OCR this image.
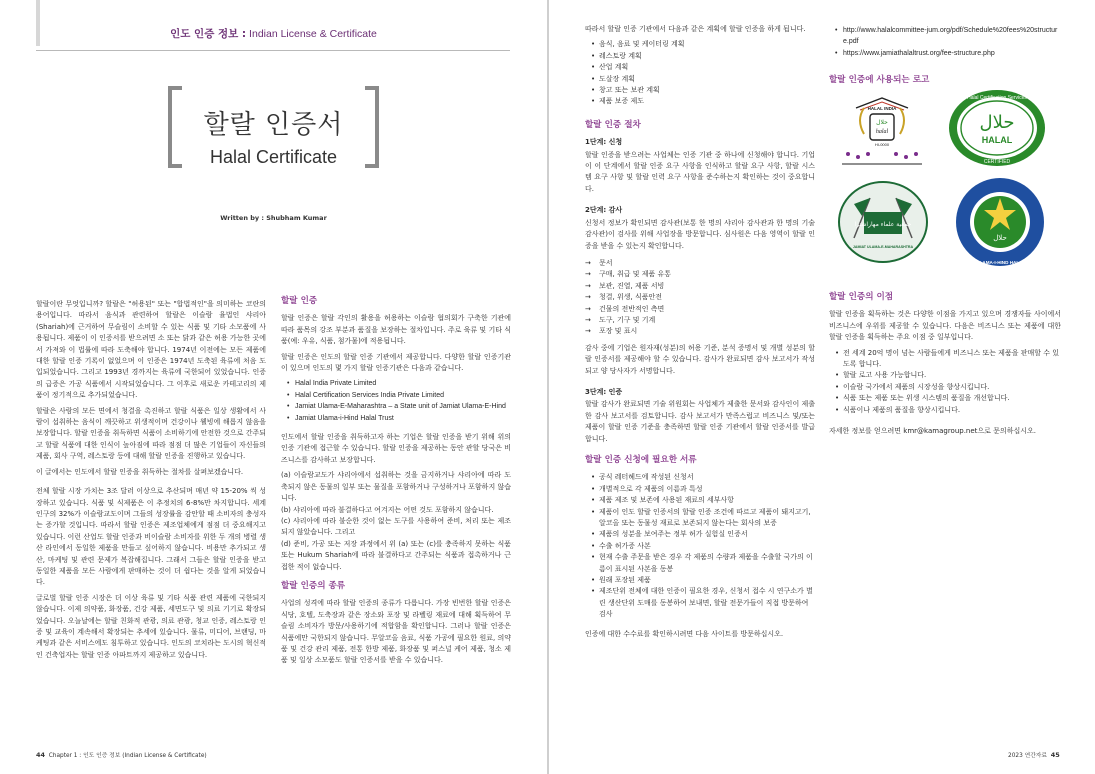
인도 인증 정보 : Indian License & Certificate
할랄 인증서
Halal Certificate
Written by : Shubham Kumar

할랄이란 무엇입니까? 할랄은 "허용된" 또는 "합법적인"을 의미하는 코란의 용어입니다. 따라서 음식과 관련하여 할랄은 이슬람 율법인 샤리아(Shariah)에 근거하여 무슬림이 소비할 수 있는 식품 및 기타 소모품에 사용됩니다. 제품이 이 인증서를 받으려면 소 또는 닭과 같은 허용 가능한 곳에서 가져와 이 법률에 따라 도축해야 합니다. 1974년 이전에는 모든 제품에 대한 할랄 인증 기록이 없었으며 이 인증은 1974년 도축된 육류에 처음 도입되었습니다. 그리고 1993년 경까지는 육류에 국한되어 있었습니다. 인증의 급증은 가공 식품에서 시작되었습니다. 그 이후로 새로운 카테고리의 제품이 정기적으로 추가되었습니다.

할랄은 사람의 모든 면에서 청결을 촉진하고 할랄 식품은 일상 생활에서 사람이 섭취하는 음식이 깨끗하고 위생적이며 건강이나 웰빙에 해롭지 않음을 보장합니다. 할랄 인증을 취득하면 식품이 소비하기에 안전한 것으로 간주되고 할랄 식품에 대한 인식이 높아짐에 따라 점점 더 많은 기업들이 자신들의 제품, 회사 구역, 레스토랑 등에 대해 할랄 인증을 진행하고 있습니다.

이 글에서는 인도에서 할랄 인증을 취득하는 절차를 살펴보겠습니다.

전체 할랄 시장 가치는 3조 달러 이상으로 추산되며 매년 약 15-20% 씩 성장하고 있습니다. 식품 및 식제품은 이 추정치의 6-8%만 차지합니다. 세계 인구의 32%가 이슬람교도이며 그들의 성장률을 감안할 때 소비자의 충성자는 증가할 것입니다. 따라서 할랄 인증은 제조업체에게 점점 더 중요해지고 있습니다. 이런 산업도 할랄 인증과 비이슬람 소비자를 위한 두 개의 병렬 생산 라인에서 동일한 제품을 만들고 싶어하지 않습니다. 비용만 추가되고 생산, 마케팅 및 관련 문제가 복잡해집니다. 그래서 그들은 할랄 인증을 받고 동일한 제품을 모든 사람에게 판매하는 것이 더 쉽다는 것을 알게 되었습니다.

글로벌 할랄 인증 시장은 더 이상 육류 및 기타 식품 관련 제품에 국한되지 않습니다. 이제 의약품, 화장품, 건강 제품, 세면도구 및 의료 기기로 확장되었습니다. 오늘날에는 할랄 친화적 관광, 의료 관광, 청교 인증, 레스토랑 인증 및 교육이 계속해서 확장되는 추세에 있습니다. 물류, 미디어, 브랜딩, 마케팅과 같은 서비스에도 침투하고 있습니다. 인도의 코치라는 도시의 혁신적인 건축업자는 할랄 인증 아파트까지 제공하고 있습니다.

할랄 인증

할랄 인증은 할랄 각인의 활용을 허용하는 이슬람 협의회가 구축한 기관에 따라 품목의 강조 부분과 품질을 보장하는 절차입니다. 주로 육류 및 기타 식품(예: 우유, 식품, 첨가물)에 적용됩니다.

할랄 인증은 인도의 할랄 인증 기관에서 제공합니다. 다양한 할랄 인증기관이 있으며 인도의 몇 가지 할랄 인증기관은 다음과 같습니다.

• Halal India Private Limited
• Halal Certification Services India Private Limited
• Jamiat Ulama-E-Maharashtra – a State unit of Jamiat Ulama-E-Hind
• Jamiat Ulama-i-Hind Halal Trust

인도에서 할랄 인증을 취득하고자 하는 기업은 할랄 인증을 받기 위해 위의 인증 기관에 접근할 수 있습니다. 할랄 인증을 제공하는 동안 관할 당국은 비즈니스를 감사하고 보장합니다.

(a) 이슬람교도가 샤리아에서 섭취하는 것을 금지하거나 샤리아에 따라 도축되지 않은 동물의 일부 또는 물질을 포함하거나 구성하거나 포함하지 않습니다.

(b) 샤리아에 따라 불결하다고 여겨지는 어떤 것도 포함하지 않습니다.

(c) 샤리아에 따라 불순한 것이 없는 도구를 사용하여 준비, 처리 또는 제조되지 않았습니다. 그리고

(d) 준비, 가공 또는 저장 과정에서 위 (a) 또는 (c)를 충족하지 못하는 식품 또는 Hukum Shariah에 따라 불결하다고 간주되는 식품과 접촉하거나 근접한 적이 없습니다.

할랄 인증의 종류

사업의 성격에 따라 할랄 인증의 종류가 다릅니다. 가장 빈번한 할랄 인증은 식당, 호텔, 도축장과 같은 장소와 포장 및 라벨링 재료에 대해 획득하여 무슬림 소비자가 방문/사용하기에 적합함을 확인합니다. 그러나 할랄 인증은 식품에만 국한되지 않습니다. 무알코올 음료, 식품 가공에 필요한 원료, 의약품 및 건강 관리 제품, 전통 한방 제품, 화장품 및 퍼스널 케어 제품, 청소 제품 및 일상 소모품도 할랄 인증서를 받을 수 있습니다.

44 Chapter 1 : 인도 인증 정보 (Indian License & Certificate)

따라서 할랄 인증 기관에서 다음과 같은 계획에 할랄 인증을 하게 됩니다.

• 음식, 음료 및 케이터링 계획
• 레스토랑 계획
• 산업 계획
• 도살장 계획
• 창고 또는 보관 계획
• 제품 보증 제도
할랄 인증 절차
1단계: 신청

할랄 인증을 받으려는 사업체는 인증 기관 중 하나에 신청해야 합니다. 기업이 이 단계에서 할랄 인증 요구 사항을 인식하고 할랄 요구 사항, 할랄 시스템 요구 사항 및 할랄 인력 요구 사항을 준수하는지 확인하는 것이 중요합니다.

2단계: 감사

신청서 정보가 확인되면 감사관(보통 한 명의 샤리아 감사관과 한 명의 기술 감사관)이 검사를 위해 사업장을 방문합니다. 심사원은 다음 영역이 할랄 인증을 받을 수 있는지 확인합니다.

→ 문서
→ 구매, 취급 및 제품 유통
→ 보관, 진열, 제품 서빙
→ 청결, 위생, 식품안전
→ 건물의 전반적인 측면
→ 도구, 기구 및 기계
→ 포장 및 표시

감사 중에 기업은 원자재(성분)의 허용 기준, 분석 증명서 및 개별 성분의 할랄 인증서를 제공해야 할 수 있습니다. 감사가 완료되면 감사 보고서가 작성되고 양 당사자가 서명합니다.

3단계: 인증

할랄 감사가 완료되면 기술 위원회는 사업체가 제출한 문서와 감사인이 제출한 감사 보고서를 검토합니다. 감사 보고서가 만족스럽고 비즈니스 및/또는 제품이 할랄 인증 기준을 충족하면 할랄 인증 기관에서 할랄 인증서를 발급합니다.

할랄 인증 신청에 필요한 서류
• 공식 레터헤드에 작성된 신청서
• 개별적으로 각 제품의 이름과 특성
• 제품 제조 및 보존에 사용된 재료의 세부사항
• 제품이 인도 할랄 인증서의 할랄 인증 조건에 따르고 제품이 돼지고기, 알코올 또는 동물성 재료로 보존되지 않는다는 회사의 보증
• 제품의 성분을 보여주는 정부 허가 실험실 인증서
• 수출 허가증 사본
• 현재 수출 주문을 받은 경우 각 제품의 수량과 제품을 수출할 국가의 이름이 표시된 사본을 동봉
• 원래 포장된 제품
• 제조단위 전체에 대한 인증이 필요한 경우, 신청서 접수 시 연구소가 별린 생산단위 도매를 동봉하여 보내면, 할랄 전문가들이 직접 방문하여 검사

인증에 대한 수수료를 확인하시려면 다음 사이트를 방문하십시오.

• http://www.halalcommittee-jum.org/pdf/Schedule%20fees%20structure.pdf
• https://www.jamiathalaltrust.org/fee-structure.php
할랄 인증에 사용되는 로고
HALAL INDIA
حلال
halal
HI-0000
Halal Certification Services
حلال
HALAL
CERTIFIED
جمعية علماء مهاراشترا
JAMIAT ULAMA-E-MAHARASHTRA
حلال
JAMIAT ULAMA-I-HIND HALAL TRUST
할랄 인증의 이점

할랄 인증을 획득하는 것은 다양한 이점을 가지고 있으며 경쟁자들 사이에서 비즈니스에 우위를 제공할 수 있습니다. 다음은 비즈니스 또는 제품에 대한 할랄 인증을 획득하는 주요 이점 중 일부입니다.

• 전 세계 20억 명이 넘는 사람들에게 비즈니스 또는 제품을 판매할 수 있도록 합니다.
• 할랄 로고 사용 가능합니다.
• 이슬람 국가에서 제품의 시장성을 향상시킵니다.
• 식품 또는 제품 또는 위생 시스템의 품질을 개선합니다.
• 식품이나 제품의 품질을 향상시킵니다.

자세한 정보를 얻으려면 kmr@kamagroup.net으로 문의하십시오.

2023 연간자료 45
